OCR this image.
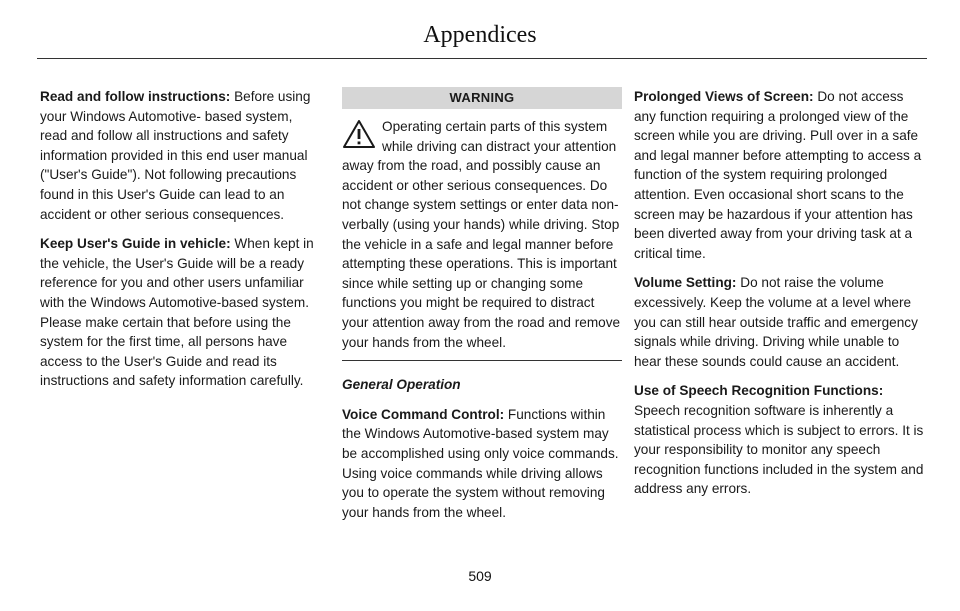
Appendices

Read and follow instructions: Before using your Windows Automotive- based system, read and follow all instructions and safety information provided in this end user manual ("User's Guide"). Not following precautions found in this User's Guide can lead to an accident or other serious consequences.

Keep User's Guide in vehicle: When kept in the vehicle, the User's Guide will be a ready reference for you and other users unfamiliar with the Windows Automotive-based system. Please make certain that before using the system for the first time, all persons have access to the User's Guide and read its instructions and safety information carefully.

WARNING
Operating certain parts of this system while driving can distract your attention away from the road, and possibly cause an accident or other serious consequences. Do not change system settings or enter data non-verbally (using your hands) while driving. Stop the vehicle in a safe and legal manner before attempting these operations. This is important since while setting up or changing some functions you might be required to distract your attention away from the road and remove your hands from the wheel.

General Operation

Voice Command Control: Functions within the Windows Automotive-based system may be accomplished using only voice commands. Using voice commands while driving allows you to operate the system without removing your hands from the wheel.

Prolonged Views of Screen: Do not access any function requiring a prolonged view of the screen while you are driving. Pull over in a safe and legal manner before attempting to access a function of the system requiring prolonged attention. Even occasional short scans to the screen may be hazardous if your attention has been diverted away from your driving task at a critical time.

Volume Setting: Do not raise the volume excessively. Keep the volume at a level where you can still hear outside traffic and emergency signals while driving. Driving while unable to hear these sounds could cause an accident.

Use of Speech Recognition Functions:
Speech recognition software is inherently a statistical process which is subject to errors. It is your responsibility to monitor any speech recognition functions included in the system and address any errors.

509
